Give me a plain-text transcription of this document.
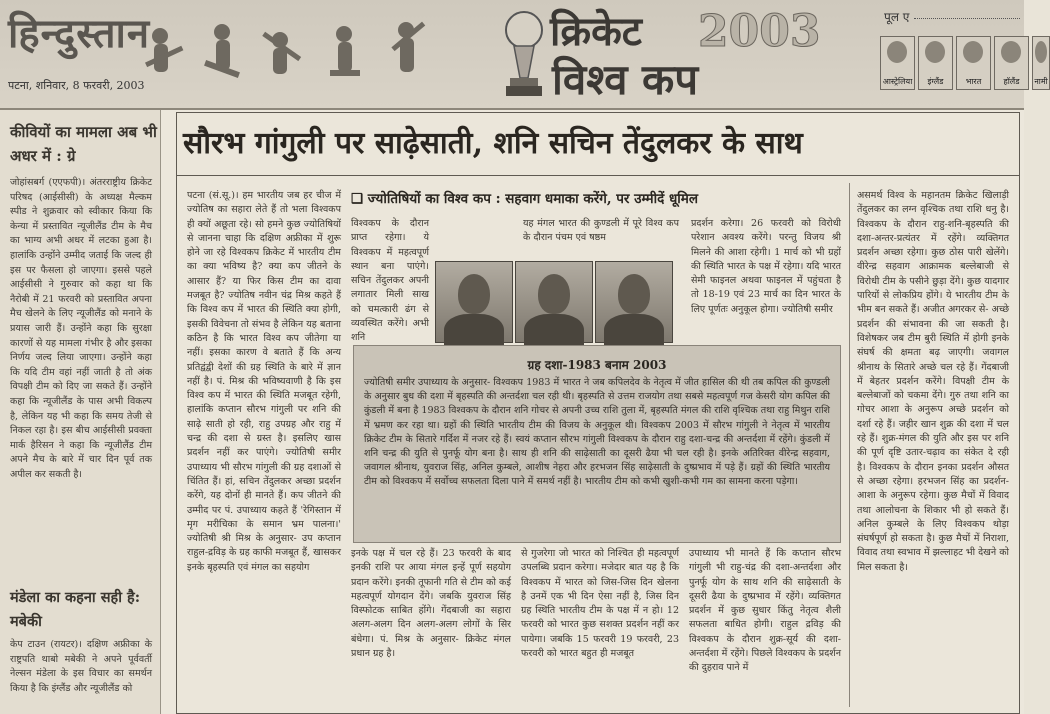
हिन्दुस्तान
पटना, शनिवार, 8 फरवरी, 2003
क्रिकेट 2003
विश्व कप
पूल ए
आस्ट्रेलिया	इंग्लैंड	भारत	हॉलैंड	नामी
कीवियों का मामला अब भी अधर में : ग्रे
जोहांसबर्ग (एएफपी)। अंतरराष्ट्रीय क्रिकेट परिषद (आईसीसी) के अध्यक्ष मैल्कम स्पीड ने शुक्रवार को स्वीकार किया कि केन्या में प्रस्तावित न्यूजीलैंड टीम के मैच का भाग्य अभी अधर में लटका हुआ है। हालांकि उन्होंने उम्मीद जताई कि जल्द ही इस पर फैसला हो जाएगा। इससे पहले आईसीसी ने गुरुवार को कहा था कि नैरोबी में 21 फरवरी को प्रस्तावित अपना मैच खेलने के लिए न्यूजीलैंड को मनाने के प्रयास जारी हैं। उन्होंने कहा कि सुरक्षा कारणों से यह मामला गंभीर है और इसका निर्णय जल्द लिया जाएगा। उन्होंने कहा कि यदि टीम वहां नहीं जाती है तो अंक विपक्षी टीम को दिए जा सकते हैं। उन्होंने कहा कि न्यूजीलैंड के पास अभी विकल्प है, लेकिन यह भी कहा कि समय तेजी से निकल रहा है। इस बीच आईसीसी प्रवक्ता मार्क हैरिसन ने कहा कि न्यूजीलैंड टीम अपने मैच के बारे में चार दिन पूर्व तक अपील कर सकती है।
मंडेला का कहना सही है: मबेकी
केप टाउन (रायटर)। दक्षिण अफ्रीका के राष्ट्रपति थाबो मबेकी ने अपने पूर्ववर्ती नेल्सन मंडेला के इस विचार का समर्थन किया है कि इंग्लैंड और न्यूजीलैंड को
सौरभ गांगुली पर साढ़ेसाती, शनि सचिन तेंदुलकर के साथ
पटना (सं.सू.)। हम भारतीय जब हर चीज में ज्योतिष का सहारा लेते हैं तो भला विश्वकप ही क्यों अछूता रहे। सो हमने कुछ ज्योतिषियों से जानना चाहा कि दक्षिण अफ्रीका में शुरू होने जा रहे विश्वकप क्रिकेट में भारतीय टीम का क्या भविष्य है? क्या कप जीतने के आसार हैं? या फिर किस टीम का दावा मजबूत है? ज्योतिष नवीन चंद्र मिश्र कहते हैं कि विश्व कप में भारत की स्थिति क्या होगी, इसकी विवेचना तो संभव है लेकिन यह बताना कठिन है कि भारत विश्व कप जीतेगा या नहीं। इसका कारण वे बताते हैं कि अन्य प्रतिद्वंद्वी देशों की ग्रह स्थिति के बारे में ज्ञान नहीं है। पं. मिश्र की भविष्यवाणी है कि इस विश्व कप में भारत की स्थिति मजबूत रहेगी, हालांकि कप्तान सौरभ गांगुली पर शनि की साढ़े साती हो रही, राहु उपग्रह और राहु में चन्द्र की दशा से ग्रस्त है। इसलिए खास प्रदर्शन नहीं कर पाएंगे। ज्योतिषी समीर उपाध्याय भी सौरभ गांगुली की ग्रह दशाओं से चिंतित हैं। हां, सचिन तेंदुलकर अच्छा प्रदर्शन करेंगे, यह दोनों ही मानते हैं। कप जीतने की उम्मीद पर पं. उपाध्याय कहते हैं 'रेगिस्तान में मृग मरीचिका के समान भ्रम पालना।' ज्योतिषी श्री मिश्र के अनुसार- उप कप्तान राहुल-द्रविड़ के ग्रह काफी मजबूत हैं, खासकर इनके बृहस्पति एवं मंगल का सहयोग
❑ ज्योतिषियों का विश्व कप : सहवाग धमाका करेंगे, पर उम्मीदें धूमिल
विश्वकप के दौरान प्राप्त रहेगा। ये विश्वकप में महत्वपूर्ण स्थान बना पाएंगे। सचिन तेंदुलकर अपनी लगातार मिली साख को चमत्कारी ढंग से व्यवस्थित करेंगे। अभी शनि
यह मंगल भारत की कुण्डली में पूरे विश्व कप के दौरान पंचम एवं षष्ठम
प्रदर्शन करेगा। 26 फरवरी को विरोधी परेशान अवश्य करेंगे। परन्तु विजय श्री मिलने की आशा रहेगी। 1 मार्च को भी ग्रहों की स्थिति भारत के पक्ष में रहेगा। यदि भारत सेमी फाइनल अथवा फाइनल में पहुंचता है तो 18-19 एवं 23 मार्च का दिन भारत के लिए पूर्णतः अनुकूल होगा। ज्योतिषी समीर
ग्रह दशा-1983 बनाम 2003
ज्योतिषी समीर उपाध्याय के अनुसार- विश्वकप 1983 में भारत ने जब कपिलदेव के नेतृत्व में जीत हासिल की थी तब कपिल की कुण्डली के अनुसार बुध की दशा में बृहस्पति की अन्तर्दशा चल रही थी। बृहस्पति से उत्तम राजयोग तथा सबसे महत्वपूर्ण गज केसरी योग कपिल की कुंडली में बना है 1983 विश्वकप के दौरान शनि गोचर से अपनी उच्च राशि तुला में, बृहस्पति मंगल की राशि वृश्चिक तथा राहु मिथुन राशि में भ्रमण कर रहा था। ग्रहों की स्थिति भारतीय टीम की विजय के अनुकूल थी। विश्वकप 2003 में सौरभ गांगुली ने नेतृत्व में भारतीय क्रिकेट टीम के सितारे गर्दिश में नजर रहे हैं। स्वयं कप्तान सौरभ गांगुली विश्वकप के दौरान राहु दशा-चन्द्र की अन्तर्दशा में रहेंगे। कुंडली में शनि चन्द्र की युति से पुनर्फू योग बना है। साथ ही शनि की साढ़ेसाती का दूसरी ढैया भी चल रही है। इनके अतिरिक्त वीरेन्द्र सहवाग, जवागल श्रीनाथ, युवराज सिंह, अनिल कुम्बले, आशीष नेहरा और हरभजन सिंह साढ़ेसाती के दुष्प्रभाव में पड़े हैं। ग्रहों की स्थिति भारतीय टीम को विश्वकप में सर्वोच्च सफलता दिला पाने में समर्थ नहीं है। भारतीय टीम को कभी खुशी-कभी गम का सामना करना पड़ेगा।
इनके पक्ष में चल रहे हैं। 23 फरवरी के बाद इनकी राशि पर आया मंगल इन्हें पूर्ण सहयोग प्रदान करेंगे। इनकी तूफानी गति से टीम को कई महत्वपूर्ण योगदान देंगे। जबकि युवराज सिंह विस्फोटक साबित होंगे। गेंदबाजी का सहारा अलग-अलग दिन अलग-अलग लोगों के सिर बंधेगा। पं. मिश्र के अनुसार- क्रिकेट मंगल प्रधान ग्रह है।
से गुजरेगा जो भारत को निश्चित ही महत्वपूर्ण उपलब्धि प्रदान करेगा। मजेदार बात यह है कि विश्वकप में भारत को जिस-जिस दिन खेलना है उनमें एक भी दिन ऐसा नहीं है, जिस दिन ग्रह स्थिति भारतीय टीम के पक्ष में न हो। 12 फरवरी को भारत कुछ सशक्त प्रदर्शन नहीं कर पायेगा। जबकि 15 फरवरी 19 फरवरी, 23 फरवरी को भारत बहुत ही मजबूत
उपाध्याय भी मानते हैं कि कप्तान सौरभ गांगुली भी राहु-चंद्र की दशा-अन्तर्दशा और पुनर्फू योग के साथ शनि की साढ़ेसाती के दूसरी ढैया के दुष्प्रभाव में रहेंगे। व्यक्तिगत प्रदर्शन में कुछ सुधार किंतु नेतृत्व शैली सफलता बाधित होगी। राहुल द्रविड़ की विश्वकप के दौरान शुक्र-सूर्य की दशा-अन्तर्दशा में रहेंगे। पिछले विश्वकप के प्रदर्शन की दुहराव पाने में
असमर्थ विश्व के महानतम क्रिकेट खिलाड़ी तेंदुलकर का लग्न वृश्चिक तथा राशि धनु है। विश्वकप के दौरान राहु-शनि-बृहस्पति की दशा-अन्तर-प्रत्यंतर में रहेंगे। व्यक्तिगत प्रदर्शन अच्छा रहेगा। कुछ ठोस पारी खेलेंगे। वीरेन्द्र सहवाग आक्रामक बल्लेबाजी से विरोधी टीम के पसीने छुड़ा देंगे। कुछ यादगार पारियों से लोकप्रिय होंगे। ये भारतीय टीम के भीम बन सकते हैं। अजीत अगरकर से- अच्छे प्रदर्शन की संभावना की जा सकती है। विशेषकर जब टीम बुरी स्थिति में होगी इनके संघर्ष की क्षमता बढ़ जाएगी। जवागल श्रीनाथ के सितारे अच्छे चल रहे हैं। गेंदबाजी में बेहतर प्रदर्शन करेंगे। विपक्षी टीम के बल्लेबाजों को चकमा देंगे। गुरु तथा शनि का गोचर आशा के अनुरूप अच्छे प्रदर्शन को दर्शा रहे हैं। जहीर खान शुक्र की दशा में चल रहे हैं। शुक्र-मंगल की युति और इस पर शनि की पूर्ण दृष्टि उतार-चढ़ाव का संकेत दे रही है। विश्वकप के दौरान इनका प्रदर्शन औसत से अच्छा रहेगा। हरभजन सिंह का प्रदर्शन- आशा के अनुरूप रहेगा। कुछ मैचों में विवाद तथा आलोचना के शिकार भी हो सकते हैं। अनिल कुम्बले के लिए विश्वकप थोड़ा संघर्षपूर्ण हो सकता है। कुछ मैचों में निराशा, विवाद तथा स्वभाव में झल्लाहट भी देखने को मिल सकता है।
